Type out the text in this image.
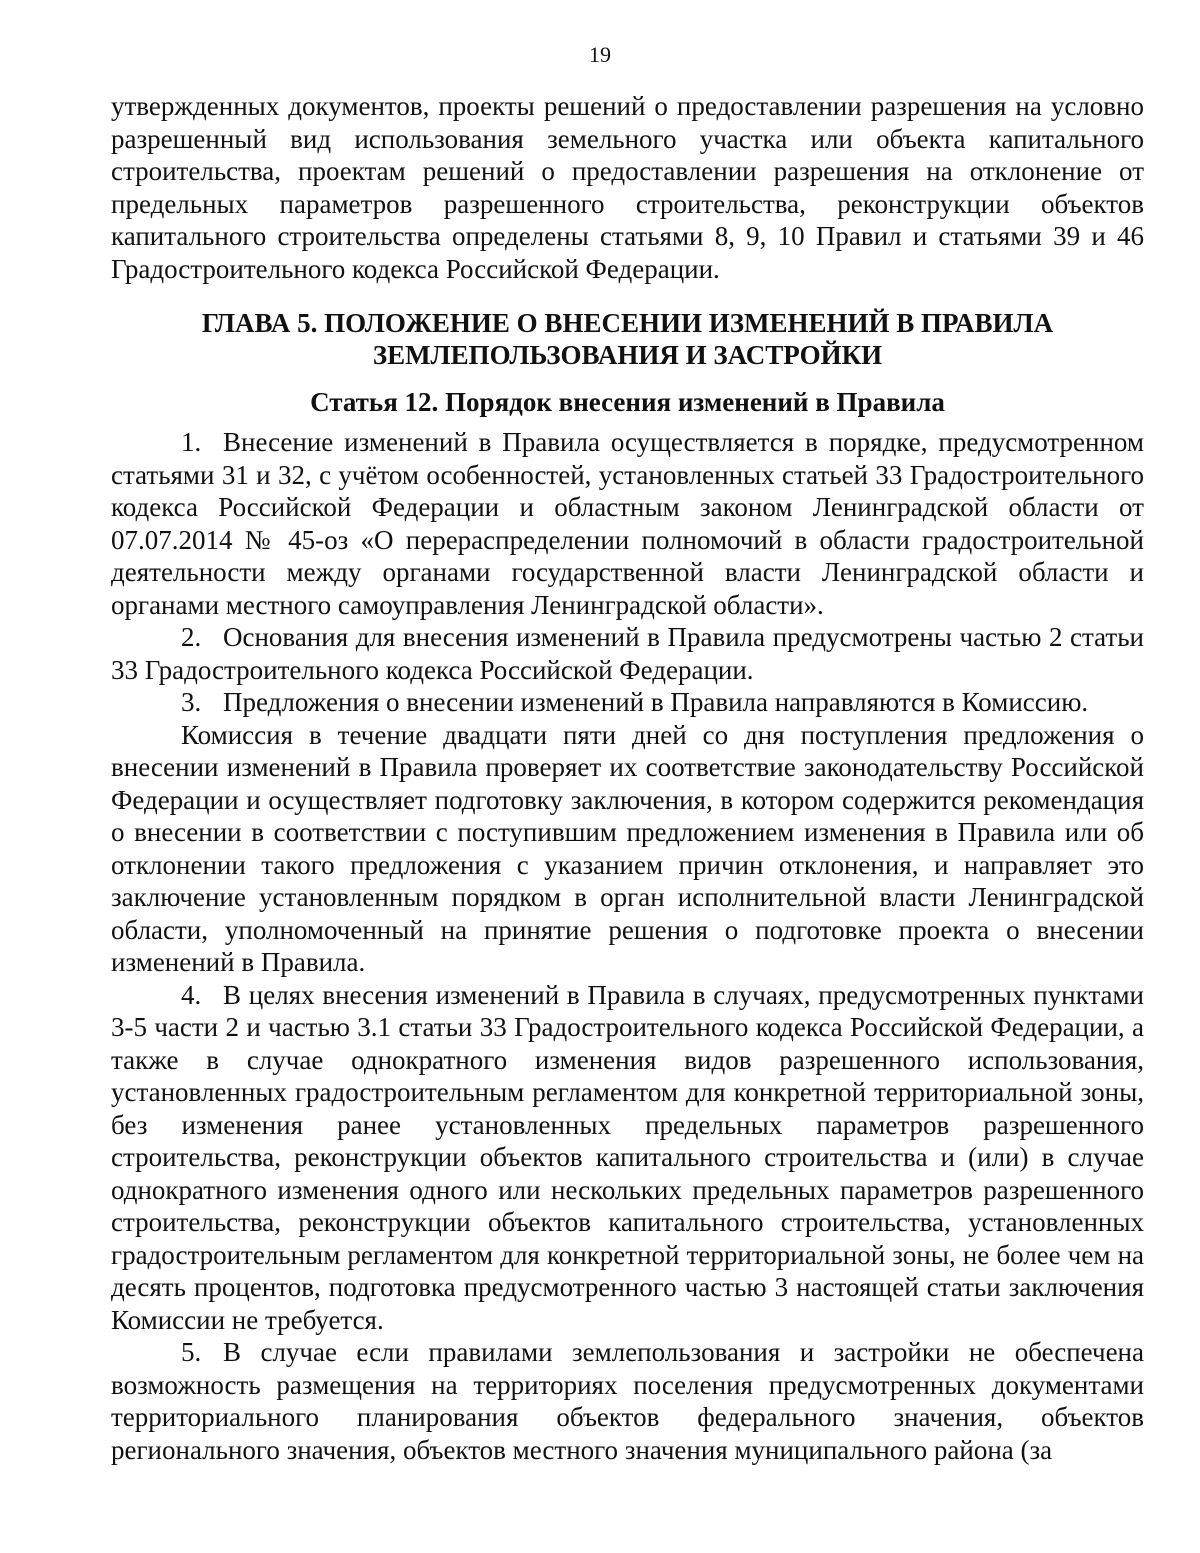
19

утвержденных документов, проекты решений о предоставлении разрешения на условно разрешенный вид использования земельного участка или объекта капитального строительства, проектам решений о предоставлении разрешения на отклонение от предельных параметров разрешенного строительства, реконструкции объектов капитального строительства определены статьями 8, 9, 10 Правил и статьями 39 и 46 Градостроительного кодекса Российской Федерации.

ГЛАВА 5. ПОЛОЖЕНИЕ О ВНЕСЕНИИ ИЗМЕНЕНИЙ В ПРАВИЛА
ЗЕМЛЕПОЛЬЗОВАНИЯ И ЗАСТРОЙКИ
Статья 12. Порядок внесения изменений в Правила

1. Внесение изменений в Правила осуществляется в порядке, предусмотренном статьями 31 и 32, с учётом особенностей, установленных статьей 33 Градостроительного кодекса Российской Федерации и областным законом Ленинградской области от 07.07.2014 № 45-оз «О перераспределении полномочий в области градостроительной деятельности между органами государственной власти Ленинградской области и органами местного самоуправления Ленинградской области».

2. Основания для внесения изменений в Правила предусмотрены частью 2 статьи 33 Градостроительного кодекса Российской Федерации.

3. Предложения о внесении изменений в Правила направляются в Комиссию.

Комиссия в течение двадцати пяти дней со дня поступления предложения о внесении изменений в Правила проверяет их соответствие законодательству Российской Федерации и осуществляет подготовку заключения, в котором содержится рекомендация о внесении в соответствии с поступившим предложением изменения в Правила или об отклонении такого предложения с указанием причин отклонения, и направляет это заключение установленным порядком в орган исполнительной власти Ленинградской области, уполномоченный на принятие решения о подготовке проекта о внесении изменений в Правила.

4. В целях внесения изменений в Правила в случаях, предусмотренных пунктами 3-5 части 2 и частью 3.1 статьи 33 Градостроительного кодекса Российской Федерации, а также в случае однократного изменения видов разрешенного использования, установленных градостроительным регламентом для конкретной территориальной зоны, без изменения ранее установленных предельных параметров разрешенного строительства, реконструкции объектов капитального строительства и (или) в случае однократного изменения одного или нескольких предельных параметров разрешенного строительства, реконструкции объектов капитального строительства, установленных градостроительным регламентом для конкретной территориальной зоны, не более чем на десять процентов, подготовка предусмотренного частью 3 настоящей статьи заключения Комиссии не требуется.

5. В случае если правилами землепользования и застройки не обеспечена возможность размещения на территориях поселения предусмотренных документами территориального планирования объектов федерального значения, объектов регионального значения, объектов местного значения муниципального района (за
